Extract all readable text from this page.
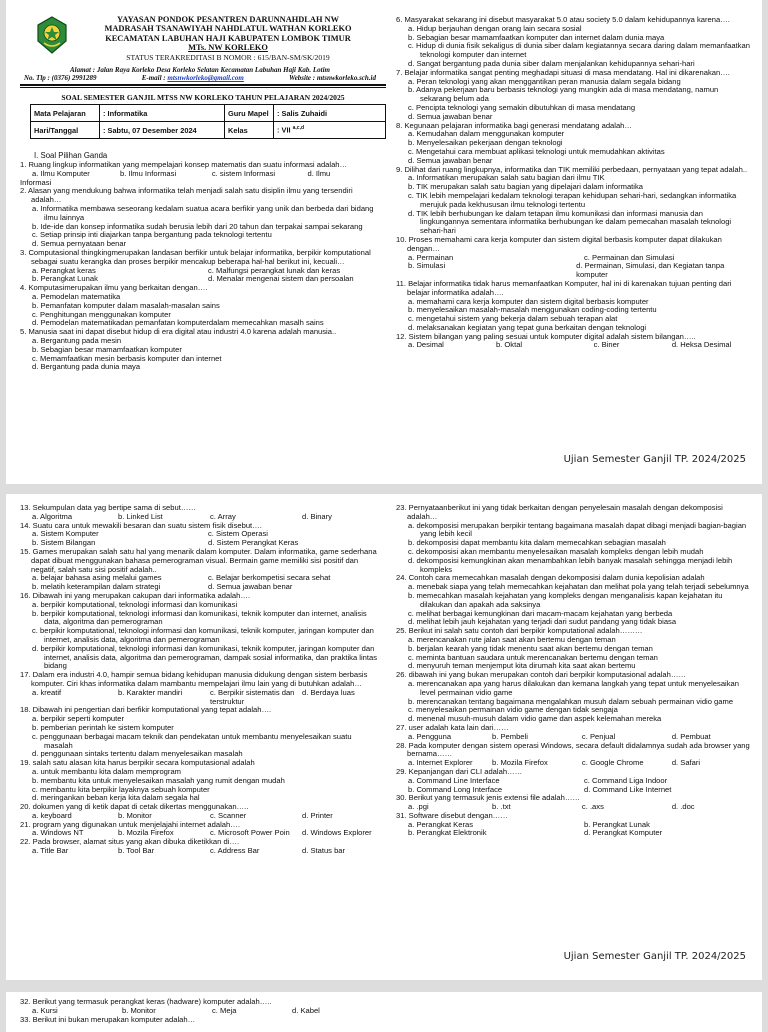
YAYASAN PONDOK PESANTREN DARUNNAHDLAH NW
MADRASAH TSANAWIYAH NAHDLATUL WATHAN KORLEKO
KECAMATAN LABUHAN HAJI KABUPATEN LOMBOK TIMUR
MTs. NW KORLEKO
STATUS TERAKREDITASI B NOMOR : 615/BAN-SM/SK/2019
Alamat : Jalan Raya Korleko Desa Korleko Selatan Kecamatan Labuhan Haji Kab. Lotim
No. Tlp : (0376) 2991289	E-mail : mtsnwkorleko@gmail.com	Website : mtsnwkorleko.sch.id
SOAL SEMESTER GANJIL MTSS NW KORLEKO TAHUN PELAJARAN 2024/2025
Mata Pelajaran	: Informatika	Guru Mapel	: Salis Zuhaidi
Hari/Tanggal	: Sabtu, 07 Desember 2024	Kelas	: VII $^{a,c,d}$
I. Soal Pilihan Ganda
1. Ruang lingkup informatikan yang mempelajari konsep matematis dan suatu informasi adalah…
a. Ilmu Komputer	b. Ilmu Informasi	c. sistem Informasi	d. Ilmu
Informasi
2. Alasan yang mendukung bahwa informatika telah menjadi salah satu disiplin ilmu yang tersendiri adalah…
a. Informatika membawa seseorang kedalam suatua acara berfikir yang unik dan berbeda dari bidang ilmu lainnya
b. Ide-ide dan konsep informatika sudah berusia lebih dari 20 tahun dan terpakai sampai sekarang
c. Setiap prinsip inti diajarkan tanpa bergantung pada teknologi tertentu
d. Semua pernyataan benar
3. Computasional thingkingmerupakan landasan berfikir untuk belajar informatika, berpikir komputational sebagai suatu kerangka dan proses berpikir mencakup beberapa hal-hal berikut ini, kecuali…
a. Perangkat keras	c. Malfungsi perangkat lunak dan keras
b. Perangkat Lunak	d. Menalar mengenai sistem dan persoalan
4. Komputasimerupakan ilmu yang berkaitan dengan….
a. Pemodelan matematika
b. Pemanfatan komputer dalam masalah-masalan sains
c. Penghitungan menggunakan komputer
d. Pemodelan matematikadan pemanfatan komputerdalam memecahkan masalh sains
5. Manusia saat ini dapat disebut hidup di era digital atau industri 4.0 karena adalah manusia..
a. Bergantung pada mesin
b. Sebagian besar mamamfaatkan komputer
c. Memamfaatkan mesin berbasis komputer dan internet
d. Bergantung pada dunia maya
6. Masyarakat sekarang ini disebut masyarakat 5.0 atau society 5.0 dalam kehidupannya karena….
a. Hidup berjauhan dengan orang lain secara sosial
b. Sebagian besar mamamfaatkan komputer dan internet dalam dunia maya
c. Hidup di dunia fisik sekaligus di dunia siber dalam kegiatannya secara daring dalam memanfaatkan teknologi komputer dan internet
d. Sangat bergantung pada dunia siber dalam menjalankan kehidupannya sehari-hari
7. Belajar informatika sangat penting meghadapi situasi di masa mendatang. Hal ini dikarenakan….
a. Peran teknologi yang akan menggantikan peran manusia dalam segala bidang
b. Adanya pekerjaan baru berbasis teknologi yang mungkin ada di masa mendatang, namun sekarang belum ada
c. Pencipta teknologi yang semakin dibutuhkan di masa mendatang
d. Semua jawaban benar
8. Kegunaan pelajaran informatika bagi generasi mendatang adalah…
a. Kemudahan dalam menggunakan komputer
b. Menyelesaikan pekerjaan dengan teknologi
c. Mengetahui cara membuat aplikasi teknologi untuk memudahkan aktivitas
d. Semua jawaban benar
9. Dilihat dari ruang lingkupnya, informatika dan TIK memiliki perbedaan, pernyataan yang tepat adalah..
a. Informatikan merupakan salah satu bagian dari ilmu TIK
b. TIK merupakan salah satu bagian yang dipelajari dalam informatika
c. TIK lebih mempelajari kedalam teknologi terapan kehidupan sehari-hari, sedangkan informatika merujuk pada kekhususan ilmu teknologi tertentu
d. TIK lebih berhubungan ke dalam tetapan ilmu komunikasi dan informasi manusia dan lingkungannya sementara informatika berhubungan ke dalam pemecahan masalah teknologi sehari-hari
10. Proses memahami cara kerja komputer dan sistem digital berbasis komputer dapat dilakukan dengan…
a. Permainan	c. Permainan dan Simulasi
b. Simulasi	d. Permainan, Simulasi, dan Kegiatan tanpa komputer
11. Belajar informatika tidak harus memanfaatkan Komputer, hal ini di karenakan tujuan penting dari belajar informatika adalah….
a. memahami cara kerja komputer dan sistem digital berbasis komputer
b. menyelesaikan masalah-masalah menggunakan coding-coding tertentu
c. mengetahui sistem yang bekerja dalam sebuah terapan alat
d. melaksanakan kegiatan yang tepat guna berkaitan dengan teknologi
12. Sistem bilangan yang paling sesuai untuk komputer digital adalah sistem bilangan…..
a. Desimal	b. Oktal	c. Biner	d. Heksa Desimal
Ujian Semester Ganjil TP. 2024/2025
13. Sekumpulan data yag bertipe sama di sebut……
a. Algoritma	b. Linked List	c. Array	d. Binary
14. Suatu cara untuk mewakili besaran dan suatu sistem fisik disebut….
a. Sistem Komputer	c. Sistem Operasi
b. Sistem Bilangan	d. Sistem Perangkat Keras
15. Games merupakan salah satu hal yang menarik dalam komputer. Dalam informatika, game sederhana dapat dibuat menggunakan bahasa pemerograman visual. Bermain game memiliki sisi positif dan negatif, salah satu sisi positif adalah..
a. belajar bahasa asing melalui games	c. Belajar berkompetisi secara sehat
b. melatih keterampilan dalam strategi	d. Semua jawaban benar
16. Dibawah ini yang merupakan cakupan dari informatika adalah….
a. berpikir komputational, teknologi informasi dan komunikasi
b. berpikir komputational, teknologi informasi dan komunikasi, teknik komputer dan internet, analisis data, algoritma dan pemerograman
c. berpikir komputational, teknologi informasi dan komunikasi, teknik komputer, jaringan komputer dan internet, analisis data, algoritma dan pemerograman
d. berpikir komputational, teknologi informasi dan komunikasi, teknik komputer, jaringan komputer dan internet, analisis data, algoritma dan pemerograman, dampak sosial informatika, dan praktika lintas bidang
17. Dalam era industri 4.0, hampir semua bidang kehidupan manusia didukung dengan sistem berbasis komputer. Ciri khas informatika dalam mambantu mempelajari ilmu lain yang di butuhkan adalah…
a. kreatif	b. Karakter mandiri	c. Berpikir sistematis dan terstruktur
d. Berdaya luas
18. Dibawah ini pengertian dari berfikir komputational yang tepat adalah….
a. berpikir seperti komputer
b. pemberian perintah ke sistem komputer
c. penggunaan berbagai macam teknik dan pendekatan untuk membantu menyelesaikan suatu masalah
d. penggunaan sintaks tertentu dalam menyelesaikan masalah
19. salah satu alasan kita harus berpikir secara komputasional adalah
a. untuk membantu kita dalam memprogram
b. membantu kita untuk menyelesaikan masalah yang rumit dengan mudah
c. membantu kita berpikir layaknya sebuah komputer
d. meringankan beban kerja kita dalam segala hal
20. dokumen yang di ketik dapat di cetak dikertas menggunakan…..
a. keyboard	b. Monitor	c. Scanner	d. Printer
21. program yang digunakan untuk menjelajahi internet adalah….
a. Windows NT	b. Mozila Firefox	c. Microsoft Power Poin	d. Windows Explorer
22. Pada browser, alamat situs yang akan dibuka diketikkan di….
a. Title Bar	b. Tool Bar	c. Address Bar	d. Status bar
23. Pernyataanberikut ini yang tidak berkaitan dengan penyelesain masalah dengan dekomposisi adalah…
a. dekomposisi merupakan berpikir tentang bagaimana masalah dapat dibagi menjadi bagian-bagian yang lebih kecil
b. dekomposisi dapat membantu kita dalam memecahkan sebagian masalah
c. dekomposisi akan membantu menyelesaikan masalah kompleks dengan lebih mudah
d. dekomposisi kemungkinan akan menambahkan lebih banyak masalah sehingga menjadi lebih kompleks
24. Contoh cara memecahkan masalah dengan dekomposisi dalam dunia kepolisian adalah
a. menebak siapa yang telah memecahkan kejahatan dan melihat pola yang telah terjadi sebelumnya
b. memecahkan masalah kejahatan yang kompleks dengan menganalisis kapan kejahatan itu dilakukan dan apakah ada saksinya
c. melihat berbagai kemungkinan dari macam-macam kejahatan yang berbeda
d. melihat lebih jauh kejahatan yang terjadi dari sudut pandang yang tidak biasa
25. Berikut ini salah satu contoh dari berpikir komputational adalah………
a. merencanakan rute jalan saat akan bertemu dengan teman
b. berjalan kearah yang tidak menentu saat akan bertemu dengan teman
c. meminta bantuan saudara untuk merencanakan bertemu dengan teman
d. menyuruh teman menjemput kita dirumah kita saat akan bertemu
26. dibawah ini yang bukan merupakan contoh dari berpikir komputasional adalah……
a. merencanakan apa yang harus dilakukan dan kemana langkah yang tepat untuk menyelesaikan level permainan vidio game
b. merencanakan tentang bagaimana mengalahkan musuh dalam sebuah permainan vidio game
c. menyelesaikan permainan vidio game dengan tidak sengaja
d. menenal musuh-musuh dalam vidio game dan aspek kelemahan mereka
27. user adalah kata lain dari……
a. Pengguna	b. Pembeli	c. Penjual	d. Pembuat
28. Pada komputer dengan sistem operasi Windows, secara default didalamnya sudah ada browser yang bernama……
a. Internet Explorer	b. Mozila Firefox	c. Google Chrome	d. Safari
29. Kepanjangan dari CLI adalah……
a. Command Line Interface	c. Command Liga Indoor
b. Command Long Interface	d. Command Like Internet
30. Berikut yang termasuk jenis extensi file adalah……
a. .pgi	b. .txt	c. .axs	d. .doc
31. Software disebut dengan……
a. Perangkat Keras	b. Perangkat Lunak
b. Perangkat Elektronik	d. Perangkat Komputer
Ujian Semester Ganjil TP. 2024/2025
32. Berikut yang termasuk perangkat keras (hadware) komputer adalah…..
a. Kursi	b. Monitor	c. Meja	d. Kabel
33. Berikut ini bukan merupakan komputer adalah…
